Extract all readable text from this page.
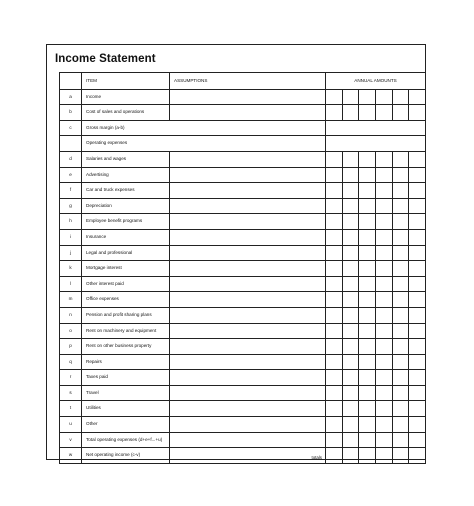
Income Statement
	ITEM	ASSUMPTIONS	ANNUAL AMOUNTS
a	Income		

b	Cost of sales and operations		

c	Gross margin (a-b)		
	Operating expenses		
d	Salaries and wages		

e	Advertising		

f	Car and truck expenses		

g	Depreciation		

h	Employee benefit programs		

i	Insurance		

j	Legal and professional		

k	Mortgage interest		

l	Other interest paid		

m	Office expenses		

n	Pension and profit sharing plans		

o	Rent on machinery and equipment		

p	Rent on other business property		

q	Repairs		

r	Taxes paid		

s	Travel		

t	Utilities		

u	Other		

v	Total operating expenses (d+e+f...+u)		

w	Net operating income (c-v)	totals	
